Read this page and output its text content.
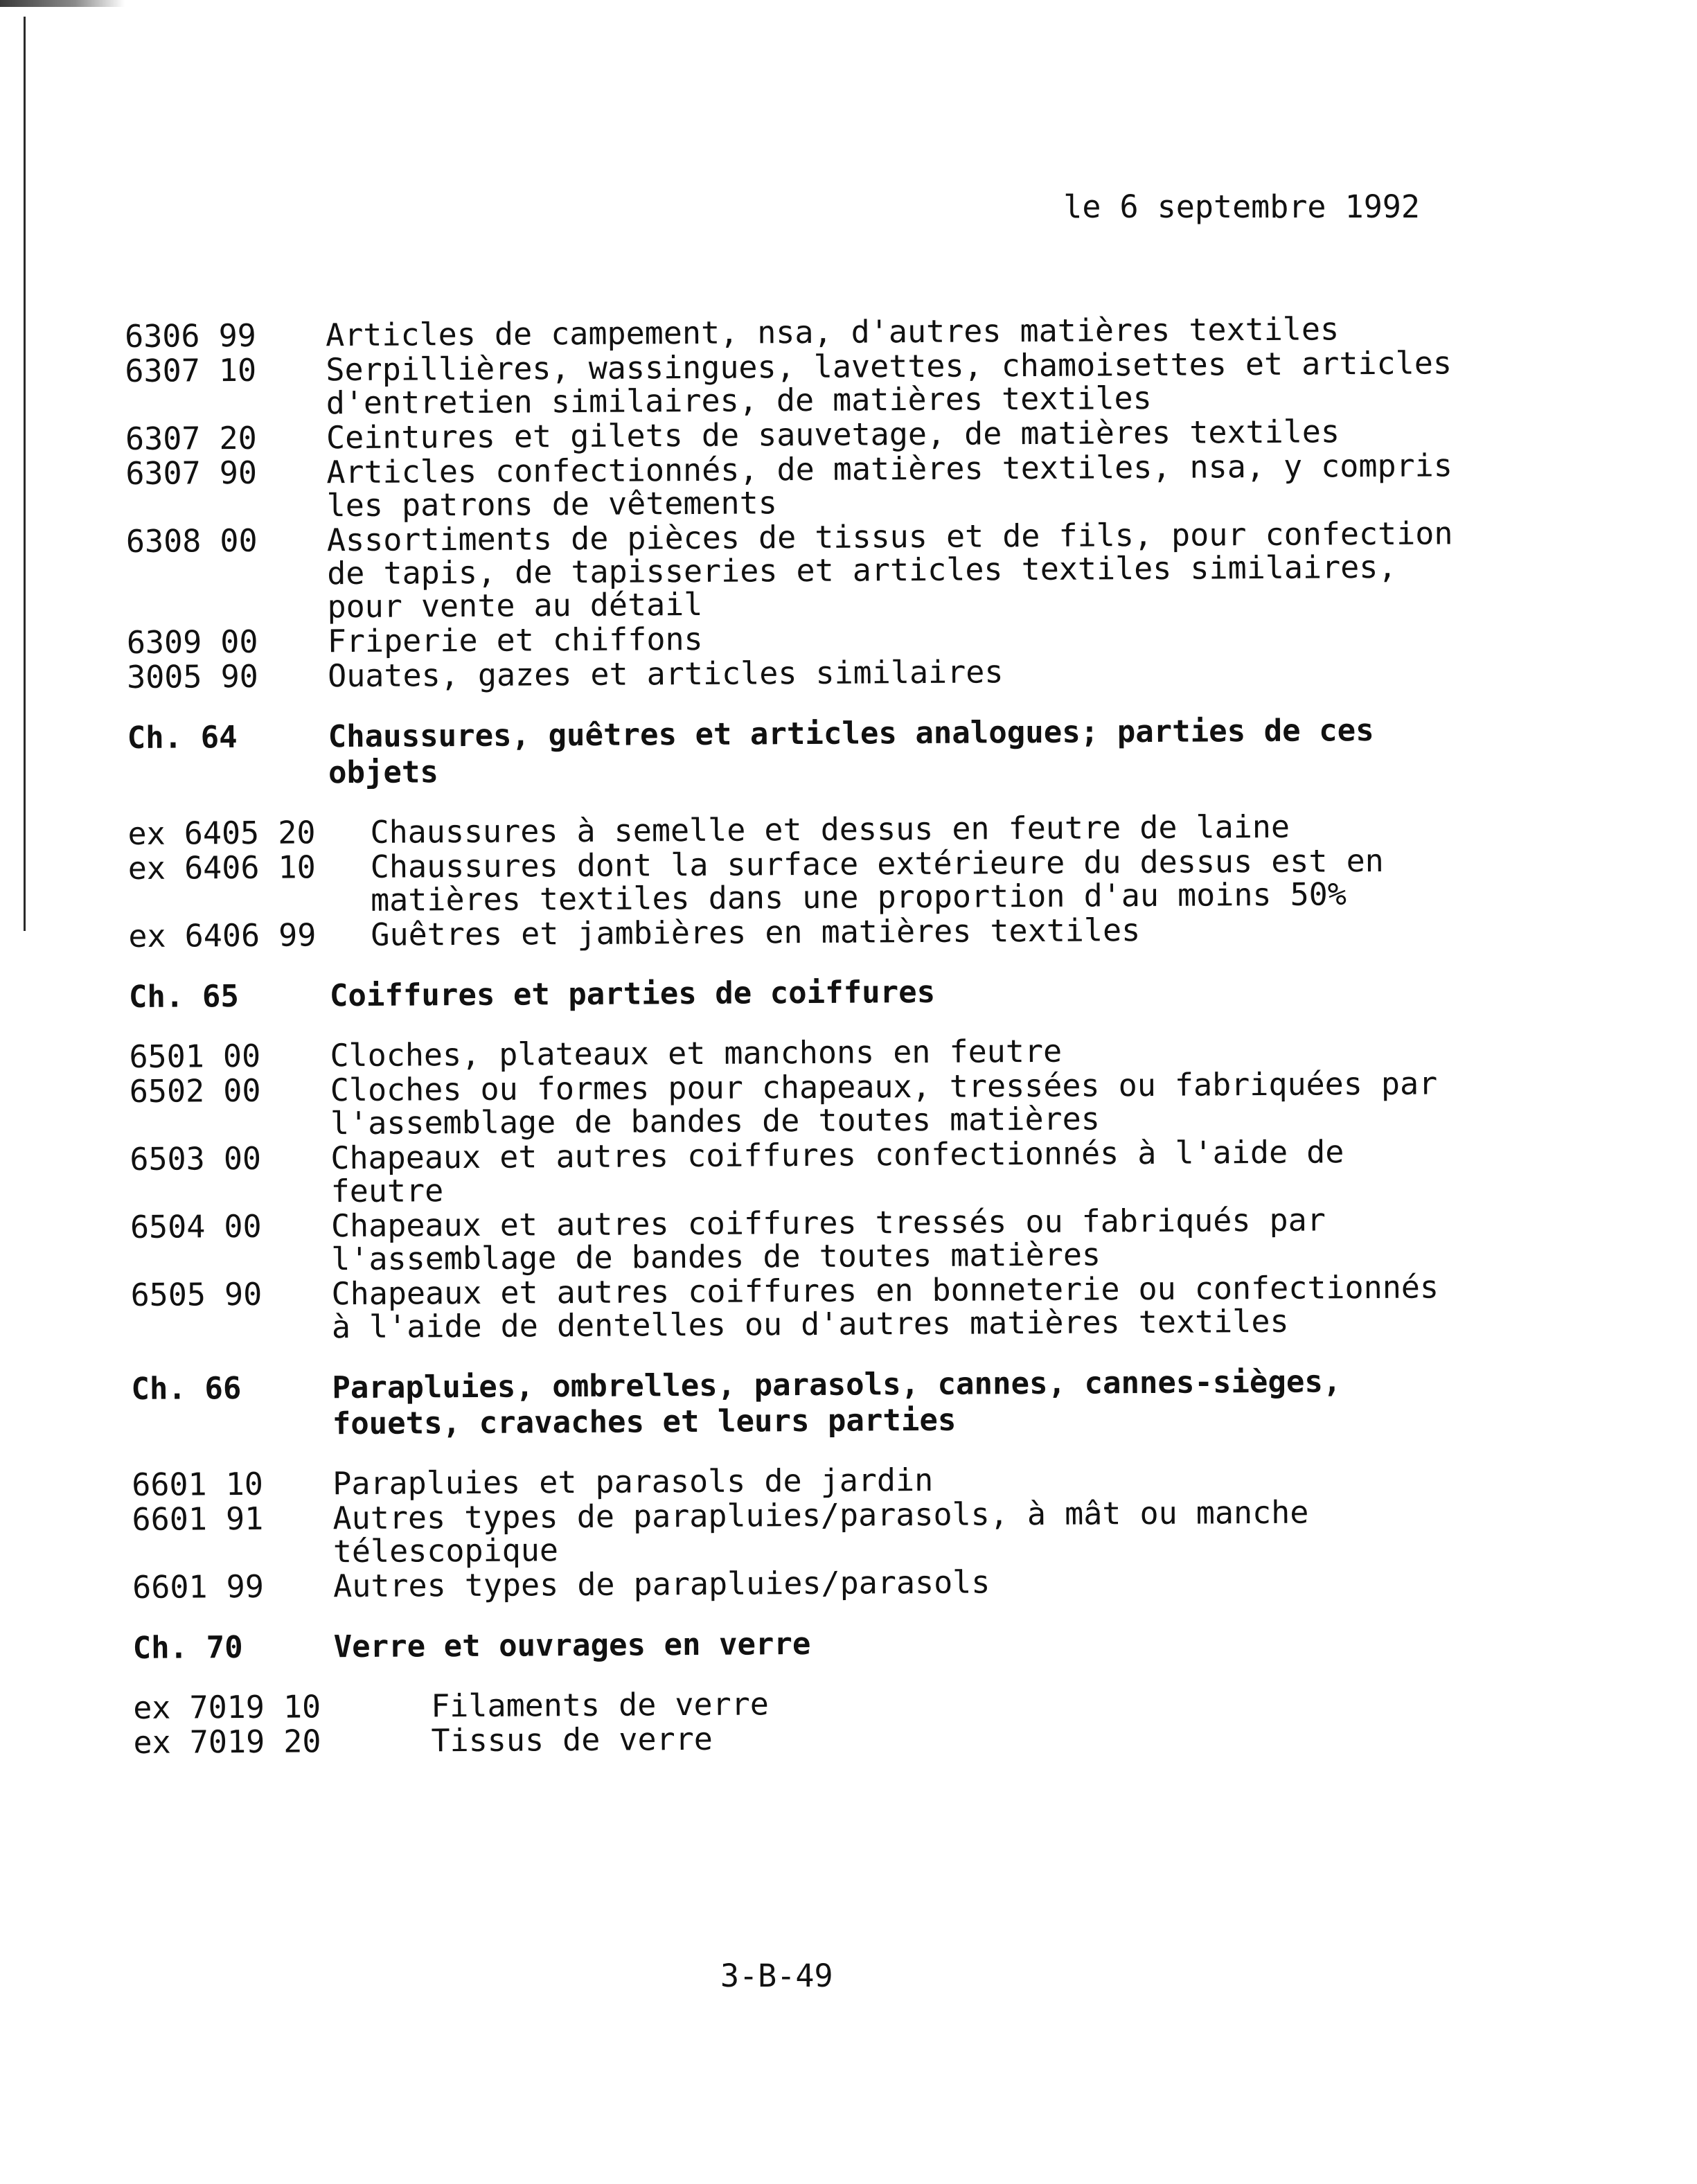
le 6 septembre 1992
6306 99	Articles de campement, nsa, d'autres matières textiles
6307 10	Serpillières, wassingues, lavettes, chamoisettes et articles d'entretien similaires, de matières textiles
6307 20	Ceintures et gilets de sauvetage, de matières textiles
6307 90	Articles confectionnés, de matières textiles, nsa, y compris les patrons de vêtements
6308 00	Assortiments de pièces de tissus et de fils, pour confection de tapis, de tapisseries et articles textiles similaires, pour vente au détail
6309 00	Friperie et chiffons
3005 90	Ouates, gazes et articles similaires
Ch. 64	Chaussures, guêtres et articles analogues; parties de ces objets
ex 6405 20	Chaussures à semelle et dessus en feutre de laine
ex 6406 10	Chaussures dont la surface extérieure du dessus est en matières textiles dans une proportion d'au moins 50%
ex 6406 99	Guêtres et jambières en matières textiles
Ch. 65	Coiffures et parties de coiffures
6501 00	Cloches, plateaux et manchons en feutre
6502 00	Cloches ou formes pour chapeaux, tressées ou fabriquées par l'assemblage de bandes de toutes matières
6503 00	Chapeaux et autres coiffures confectionnés à l'aide de feutre
6504 00	Chapeaux et autres coiffures tressés ou fabriqués par l'assemblage de bandes de toutes matières
6505 90	Chapeaux et autres coiffures en bonneterie ou confectionnés à l'aide de dentelles ou d'autres matières textiles
Ch. 66	Parapluies, ombrelles, parasols, cannes, cannes-sièges, fouets, cravaches et leurs parties
6601 10	Parapluies et parasols de jardin
6601 91	Autres types de parapluies/parasols, à mât ou manche télescopique
6601 99	Autres types de parapluies/parasols
Ch. 70	Verre et ouvrages en verre
ex 7019 10	Filaments de verre
ex 7019 20	Tissus de verre
3-B-49
